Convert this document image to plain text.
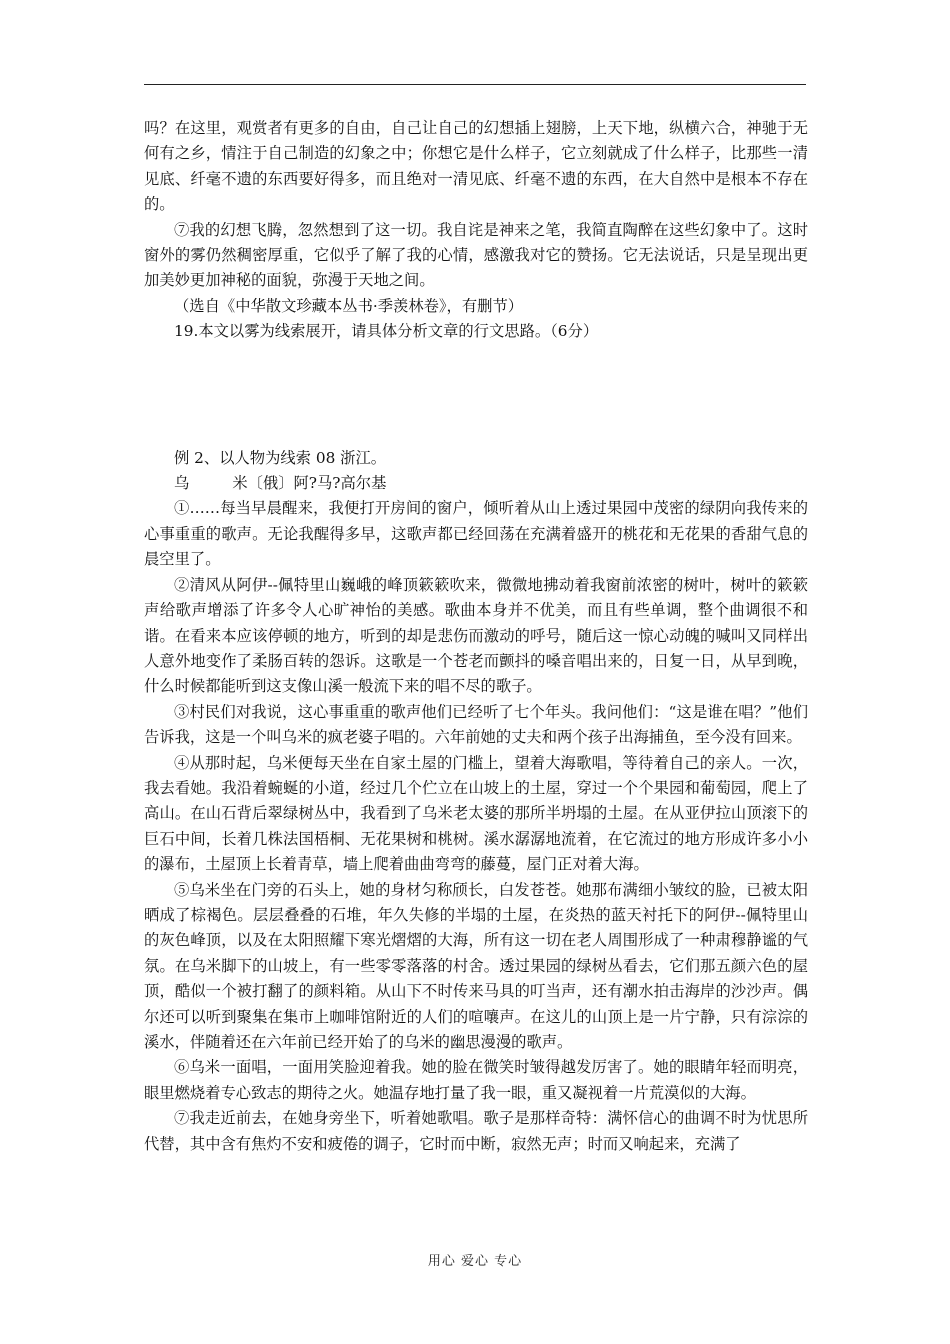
吗？在这里，观赏者有更多的自由，自己让自己的幻想插上翅膀，上天下地，纵横六合，神驰于无何有之乡，情注于自己制造的幻象之中；你想它是什么样子，它立刻就成了什么样子，比那些一清见底、纤毫不遗的东西要好得多，而且绝对一清见底、纤毫不遗的东西，在大自然中是根本不存在的。

⑦我的幻想飞腾，忽然想到了这一切。我自诧是神来之笔，我简直陶醉在这些幻象中了。这时窗外的雾仍然稠密厚重，它似乎了解了我的心情，感激我对它的赞扬。它无法说话，只是呈现出更加美妙更加神秘的面貌，弥漫于天地之间。

（选自《中华散文珍藏本丛书·季羡林卷》，有删节）

19.本文以雾为线索展开，请具体分析文章的行文思路。（6分）

例 2、以人物为线索 08 浙江。

乌	米〔俄〕阿?马?高尔基

①……每当早晨醒来，我便打开房间的窗户，倾听着从山上透过果园中茂密的绿阴向我传来的心事重重的歌声。无论我醒得多早，这歌声都已经回荡在充满着盛开的桃花和无花果的香甜气息的晨空里了。

②清风从阿伊--佩特里山巍峨的峰顶簌簌吹来，微微地拂动着我窗前浓密的树叶，树叶的簌簌声给歌声增添了许多令人心旷神怡的美感。歌曲本身并不优美，而且有些单调，整个曲调很不和谐。在看来本应该停顿的地方，听到的却是悲伤而激动的呼号，随后这一惊心动魄的喊叫又同样出人意外地变作了柔肠百转的怨诉。这歌是一个苍老而颤抖的嗓音唱出来的，日复一日，从早到晚，什么时候都能听到这支像山溪一般流下来的唱不尽的歌子。

③村民们对我说，这心事重重的歌声他们已经听了七个年头。我问他们：“这是谁在唱？”他们告诉我，这是一个叫乌米的疯老婆子唱的。六年前她的丈夫和两个孩子出海捕鱼，至今没有回来。

④从那时起，乌米便每天坐在自家土屋的门槛上，望着大海歌唱，等待着自己的亲人。一次，我去看她。我沿着蜿蜒的小道，经过几个伫立在山坡上的土屋，穿过一个个果园和葡萄园，爬上了高山。在山石背后翠绿树丛中，我看到了乌米老太婆的那所半坍塌的土屋。在从亚伊拉山顶滚下的巨石中间，长着几株法国梧桐、无花果树和桃树。溪水潺潺地流着，在它流过的地方形成许多小小的瀑布，土屋顶上长着青草，墙上爬着曲曲弯弯的藤蔓，屋门正对着大海。

⑤乌米坐在门旁的石头上，她的身材匀称颀长，白发苍苍。她那布满细小皱纹的脸，已被太阳晒成了棕褐色。层层叠叠的石堆，年久失修的半塌的土屋，在炎热的蓝天衬托下的阿伊--佩特里山的灰色峰顶，以及在太阳照耀下寒光熠熠的大海，所有这一切在老人周围形成了一种肃穆静谧的气氛。在乌米脚下的山坡上，有一些零零落落的村舍。透过果园的绿树丛看去，它们那五颜六色的屋顶，酷似一个被打翻了的颜料箱。从山下不时传来马具的叮当声，还有潮水拍击海岸的沙沙声。偶尔还可以听到聚集在集市上咖啡馆附近的人们的喧嚷声。在这儿的山顶上是一片宁静，只有淙淙的溪水，伴随着还在六年前已经开始了的乌米的幽思漫漫的歌声。

⑥乌米一面唱，一面用笑脸迎着我。她的脸在微笑时皱得越发厉害了。她的眼睛年轻而明亮，眼里燃烧着专心致志的期待之火。她温存地打量了我一眼，重又凝视着一片荒漠似的大海。

⑦我走近前去，在她身旁坐下，听着她歌唱。歌子是那样奇特：满怀信心的曲调不时为忧思所代替，其中含有焦灼不安和疲倦的调子，它时而中断，寂然无声；时而又响起来，充满了

用心 爱心 专心
